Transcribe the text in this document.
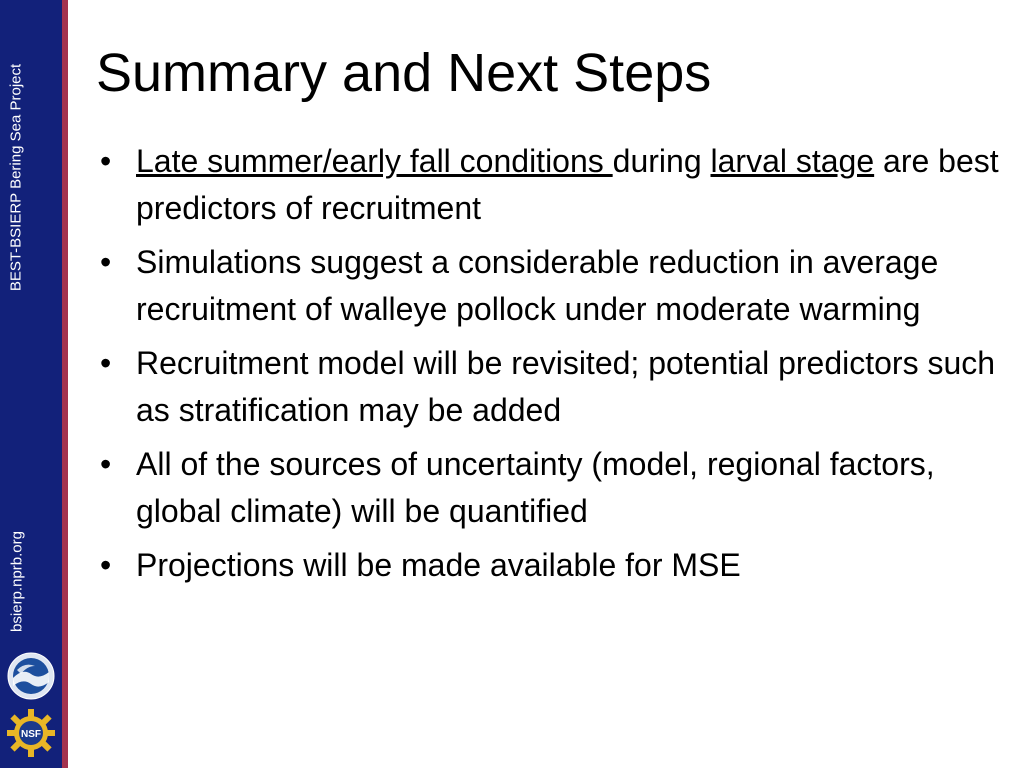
BEST-BSIERP Bering Sea Project
bsierp.nprb.org
NSF
Summary and Next Steps
• Late summer/early fall conditions during larval stage are best predictors of recruitment
• Simulations suggest a considerable reduction in average recruitment of walleye pollock under moderate warming
• Recruitment model will be revisited; potential predictors such as stratification may be added
• All of the sources of uncertainty (model, regional factors, global climate) will be quantified
• Projections will be made available for MSE
